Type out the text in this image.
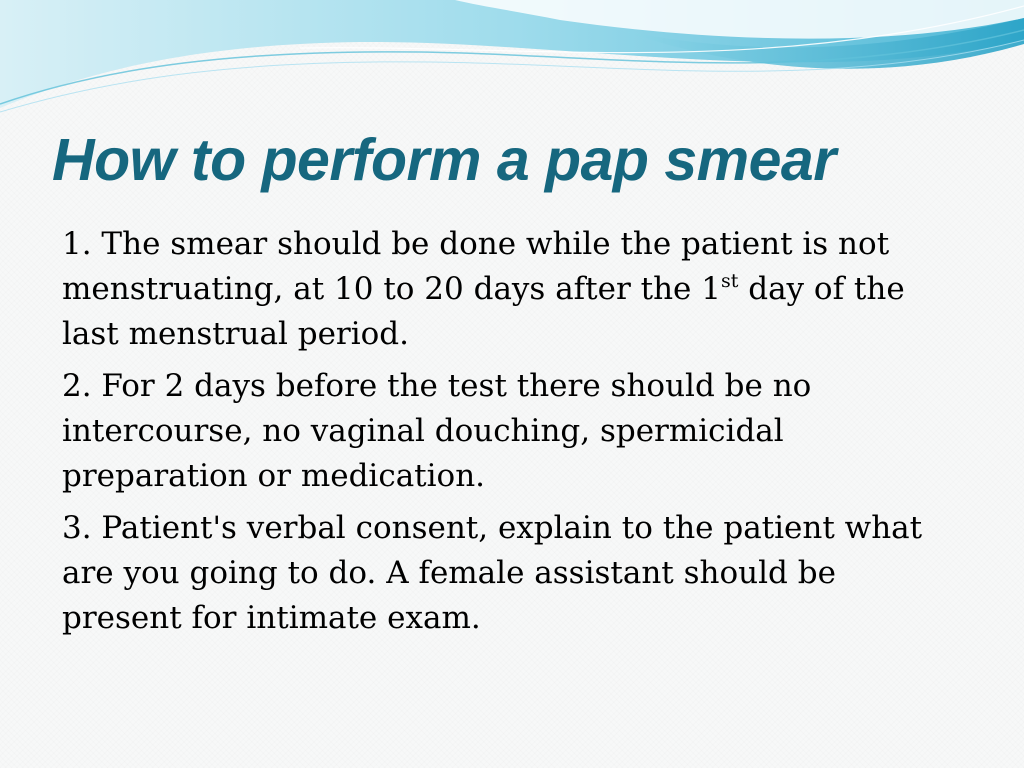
How to perform a pap smear

1. The smear should be done while the patient is not menstruating, at 10 to 20 days after the 1st day of the last menstrual period.

2. For 2 days before the test there should be no intercourse, no vaginal douching, spermicidal preparation or medication.

3. Patient's verbal consent, explain to the patient what are you going to do. A female assistant should be present for intimate exam.
